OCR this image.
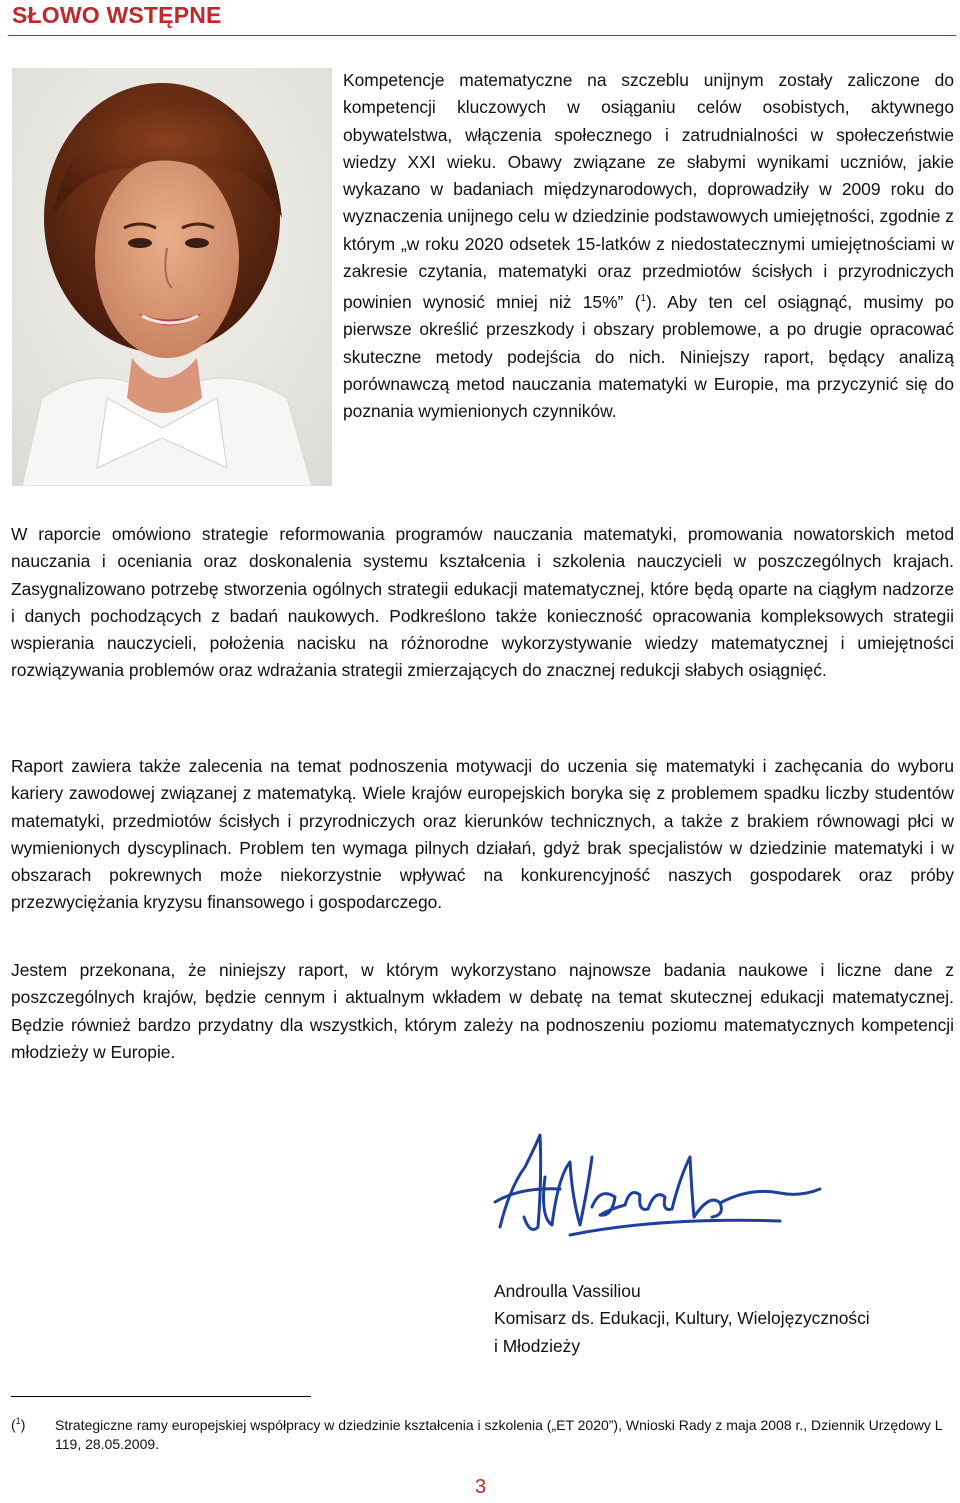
SŁOWO WSTĘPNE

Kompetencje matematyczne na szczeblu unijnym zostały zaliczone do kompetencji kluczowych w osiąganiu celów osobistych, aktywnego obywatelstwa, włączenia społecznego i zatrudnialności w społeczeństwie wiedzy XXI wieku. Obawy związane ze słabymi wynikami uczniów, jakie wykazano w badaniach międzynarodowych, doprowadziły w 2009 roku do wyznaczenia unijnego celu w dziedzinie podstawowych umiejętności, zgodnie z którym „w roku 2020 odsetek 15-latków z niedostatecznymi umiejętnościami w zakresie czytania, matematyki oraz przedmiotów ścisłych i przyrodniczych powinien wynosić mniej niż 15%” ($^1$). Aby ten cel osiągnąć, musimy po pierwsze określić przeszkody i obszary problemowe, a po drugie opracować skuteczne metody podejścia do nich. Niniejszy raport, będący analizą porównawczą metod nauczania matematyki w Europie, ma przyczynić się do poznania wymienionych czynników.

W raporcie omówiono strategie reformowania programów nauczania matematyki, promowania nowatorskich metod nauczania i oceniania oraz doskonalenia systemu kształcenia i szkolenia nauczycieli w poszczególnych krajach. Zasygnalizowano potrzebę stworzenia ogólnych strategii edukacji matematycznej, które będą oparte na ciągłym nadzorze i danych pochodzących z badań naukowych. Podkreślono także konieczność opracowania kompleksowych strategii wspierania nauczycieli, położenia nacisku na różnorodne wykorzystywanie wiedzy matematycznej i umiejętności rozwiązywania problemów oraz wdrażania strategii zmierzających do znacznej redukcji słabych osiągnięć.

Raport zawiera także zalecenia na temat podnoszenia motywacji do uczenia się matematyki i zachęcania do wyboru kariery zawodowej związanej z matematyką. Wiele krajów europejskich boryka się z problemem spadku liczby studentów matematyki, przedmiotów ścisłych i przyrodniczych oraz kierunków technicznych, a także z brakiem równowagi płci w wymienionych dyscyplinach. Problem ten wymaga pilnych działań, gdyż brak specjalistów w dziedzinie matematyki i w obszarach pokrewnych może niekorzystnie wpływać na konkurencyjność naszych gospodarek oraz próby przezwyciężania kryzysu finansowego i gospodarczego.

Jestem przekonana, że niniejszy raport, w którym wykorzystano najnowsze badania naukowe i liczne dane z poszczególnych krajów, będzie cennym i aktualnym wkładem w debatę na temat skutecznej edukacji matematycznej. Będzie również bardzo przydatny dla wszystkich, którym zależy na podnoszeniu poziomu matematycznych kompetencji młodzieży w Europie.

Androulla Vassiliou
Komisarz ds. Edukacji, Kultury, Wielojęzyczności
i Młodzieży
($^1$) Strategiczne ramy europejskiej współpracy w dziedzinie kształcenia i szkolenia („ET 2020”), Wnioski Rady z maja 2008 r., Dziennik Urzędowy L 119, 28.05.2009.
3
